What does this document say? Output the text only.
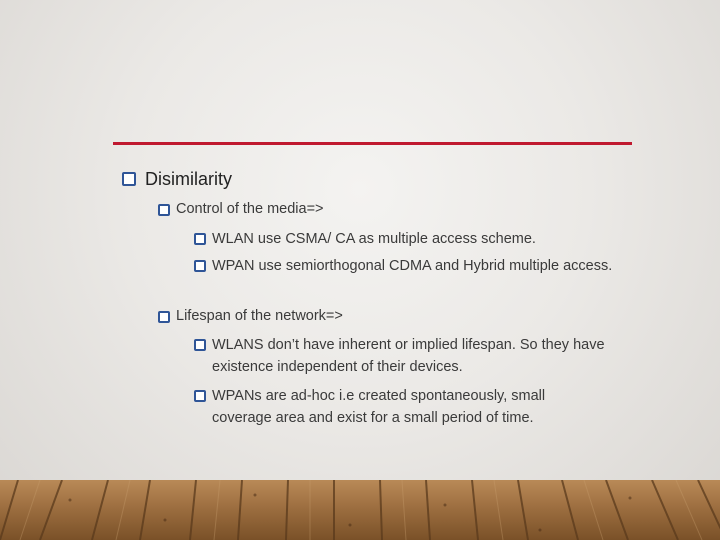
Disimilarity
Control of the media=>
WLAN use CSMA/ CA as multiple access scheme.
WPAN use semiorthogonal CDMA and Hybrid multiple access.
Lifespan of the network=>
WLANS don’t have inherent or implied lifespan. So they have existence independent of their devices.
WPANs are ad-hoc i.e created spontaneously, small coverage area and exist for a small period of time.
